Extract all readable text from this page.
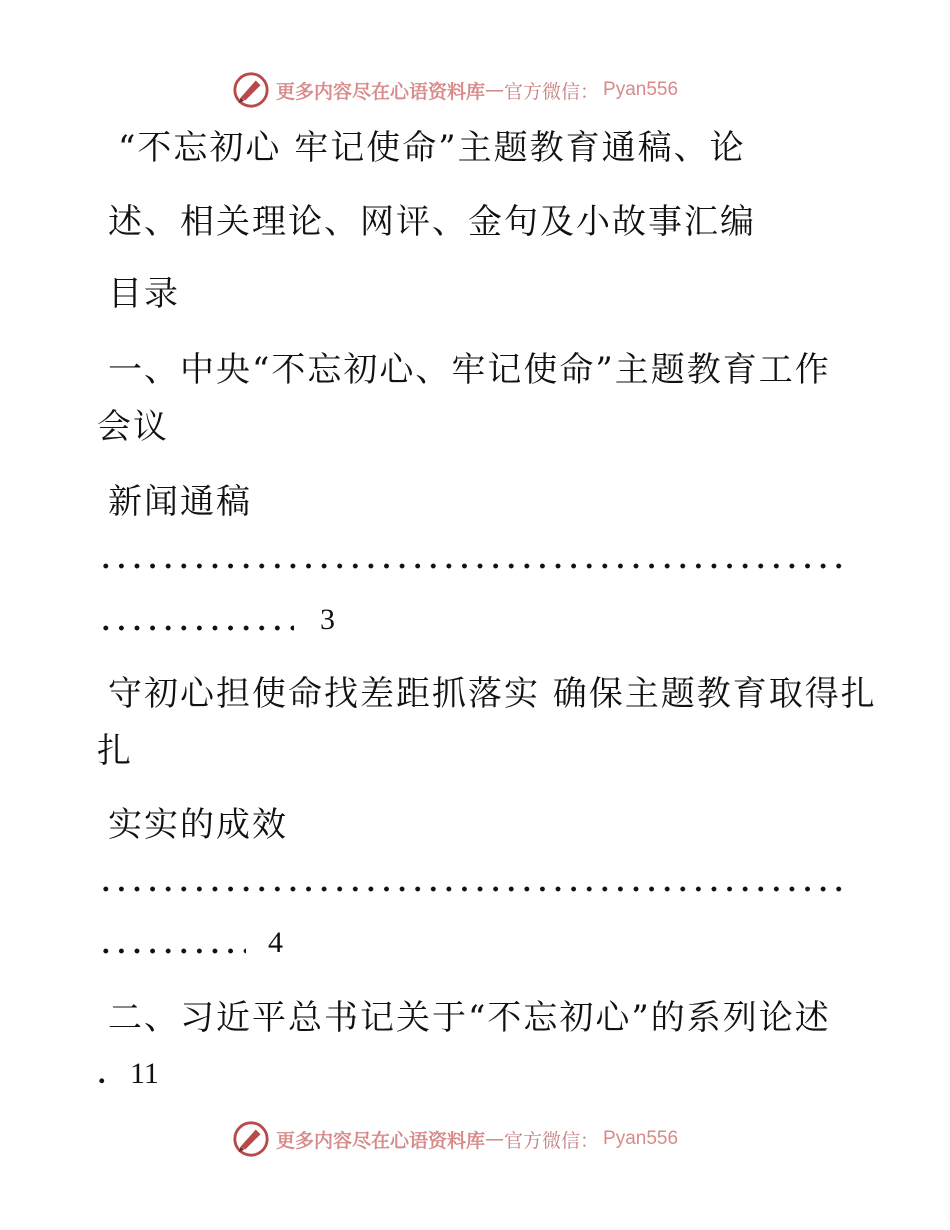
更多内容尽在心语资料库 — 官方微信： Pyan556
“不忘初心 牢记使命”主题教育通稿、论
述、相关理论、网评、金句及小故事汇编
目录
一、中央“不忘初心、牢记使命”主题教育工作
会议
新闻通稿
3
守初心担使命找差距抓落实 确保主题教育取得扎
扎
实实的成效
4
二、习近平总书记关于“不忘初心”的系列论述
. 11
更多内容尽在心语资料库 — 官方微信： Pyan556
